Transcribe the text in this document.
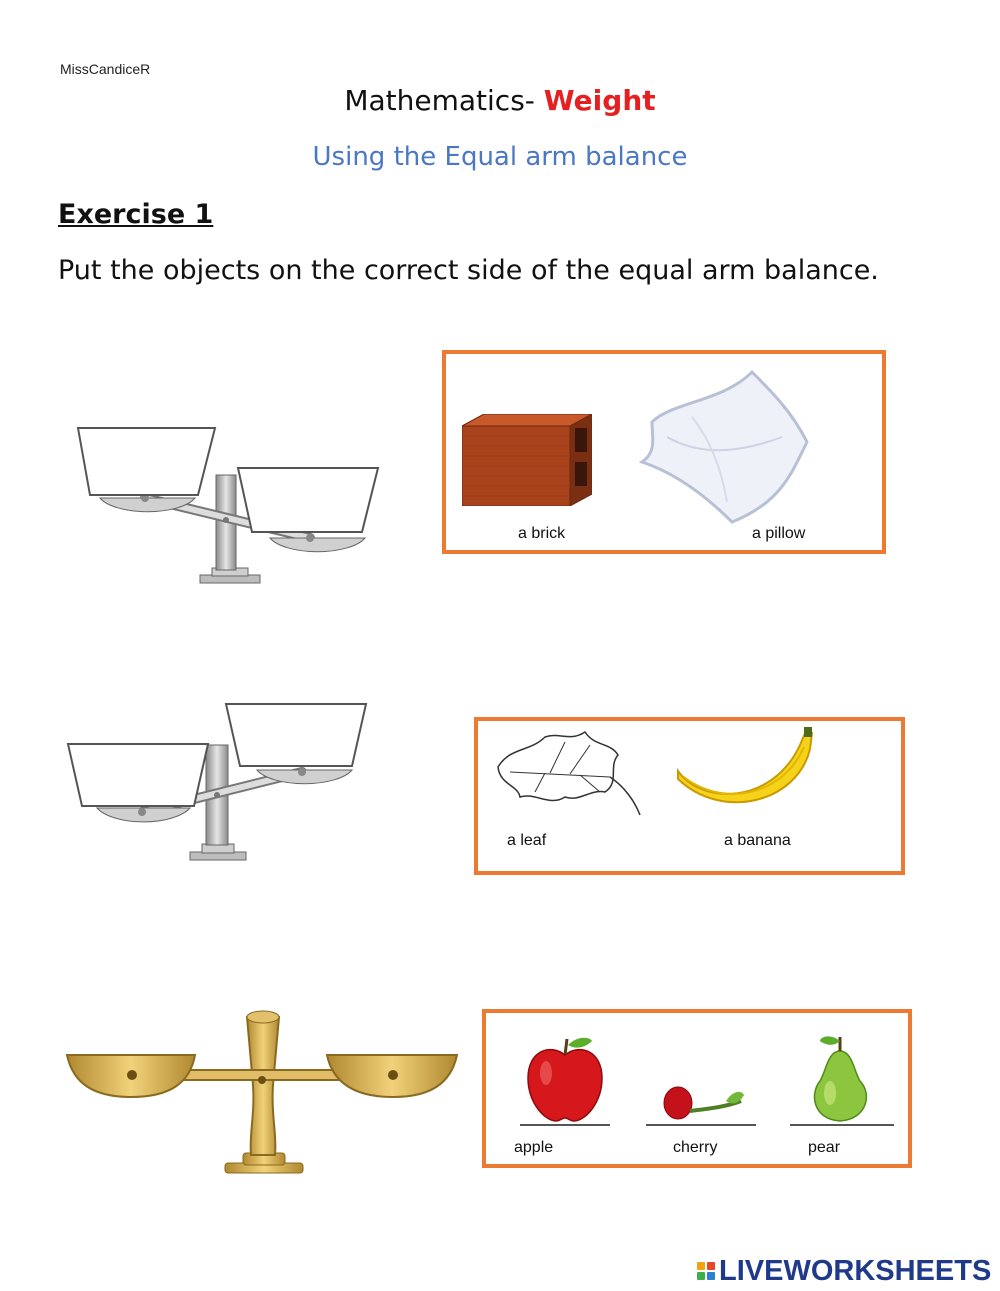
MissCandiceR
Mathematics- Weight
Using the Equal arm balance
Exercise 1
Put the objects on the correct side of the equal arm balance.
a brick	a pillow
a leaf	a banana
apple	cherry	pear
LIVEWORKSHEETS
